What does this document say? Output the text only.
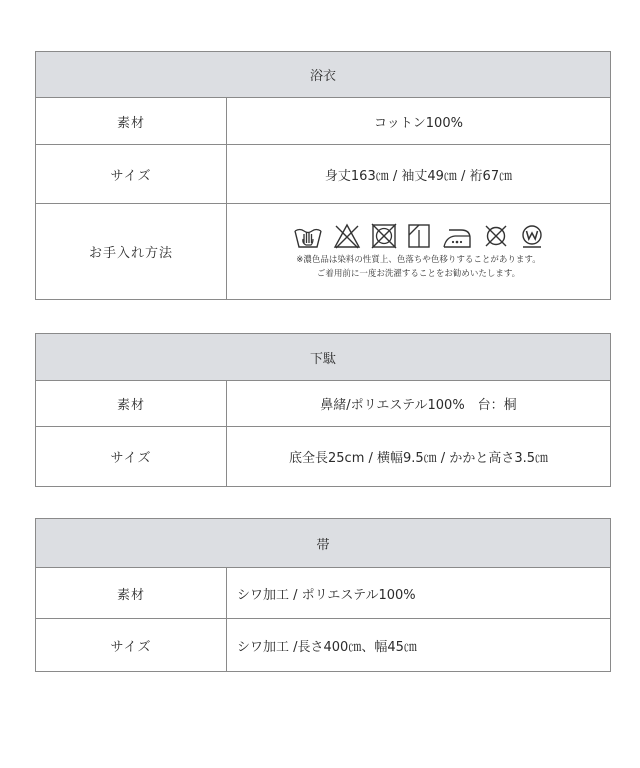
浴衣	
素材	コットン100%
サイズ	身丈163㎝ / 袖丈49㎝ / 裄67㎝
お手入れ方法	※濃色品は染料の性質上、色落ちや色移りすることがあります。
ご着用前に一度お洗濯することをお勧めいたします。
下駄	
素材	鼻緒/ポリエステル100%　台：桐
サイズ	底全長25cm / 横幅9.5㎝ / かかと高さ3.5㎝
帯	
素材	シワ加工 / ポリエステル100%
サイズ	シワ加工 /長さ400㎝、幅45㎝
